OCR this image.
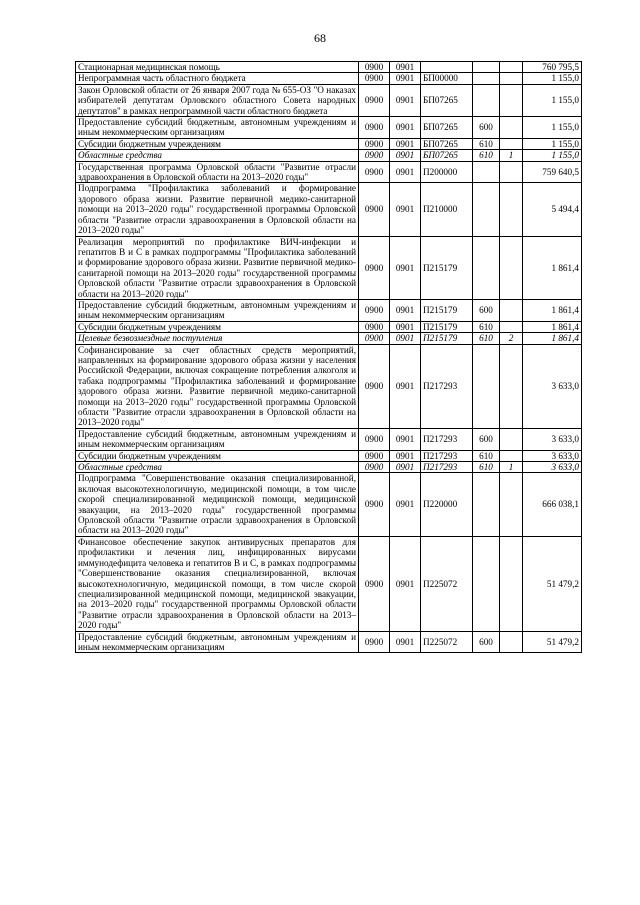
68
Стационарная медицинская помощь	0900	0901				760 795,5
Непрограммная часть областного бюджета	0900	0901	БП00000			1 155,0
Закон Орловской области от 26 января 2007 года № 655-ОЗ "О наказах избирателей депутатам Орловского областного Совета народных депутатов" в рамках непрограммной части областного бюджета	0900	0901	БП07265			1 155,0
Предоставление субсидий бюджетным, автономным учреждениям и иным некоммерческим организациям	0900	0901	БП07265	600		1 155,0
Субсидии бюджетным учреждениям	0900	0901	БП07265	610		1 155,0
Областные средства	0900	0901	БП07265	610	1	1 155,0
Государственная программа Орловской области "Развитие отрасли здравоохранения в Орловской области на 2013–2020 годы"	0900	0901	П200000			759 640,5
Подпрограмма "Профилактика заболеваний и формирование здорового образа жизни. Развитие первичной медико-санитарной помощи на 2013–2020 годы" государственной программы Орловской области "Развитие отрасли здравоохранения в Орловской области на 2013–2020 годы"	0900	0901	П210000			5 494,4
Реализация мероприятий по профилактике ВИЧ-инфекции и гепатитов В и С в рамках подпрограммы "Профилактика заболеваний и формирование здорового образа жизни. Развитие первичной медико-санитарной помощи на 2013–2020 годы" государственной программы Орловской области "Развитие отрасли здравоохранения в Орловской области на 2013–2020 годы"	0900	0901	П215179			1 861,4
Предоставление субсидий бюджетным, автономным учреждениям и иным некоммерческим организациям	0900	0901	П215179	600		1 861,4
Субсидии бюджетным учреждениям	0900	0901	П215179	610		1 861,4
Целевые безвозмездные поступления	0900	0901	П215179	610	2	1 861,4
Софинансирование за счет областных средств мероприятий, направленных на формирование здорового образа жизни у населения Российской Федерации, включая сокращение потребления алкоголя и табака подпрограммы "Профилактика заболеваний и формирование здорового образа жизни. Развитие первичной медико-санитарной помощи на 2013–2020 годы" государственной программы Орловской области "Развитие отрасли здравоохранения в Орловской области на 2013–2020 годы"	0900	0901	П217293			3 633,0
Предоставление субсидий бюджетным, автономным учреждениям и иным некоммерческим организациям	0900	0901	П217293	600		3 633,0
Субсидии бюджетным учреждениям	0900	0901	П217293	610		3 633,0
Областные средства	0900	0901	П217293	610	1	3 633,0
Подпрограмма "Совершенствование оказания специализированной, включая высокотехнологичную, медицинской помощи, в том числе скорой специализированной медицинской помощи, медицинской эвакуации, на 2013–2020 годы" государственной программы Орловской области "Развитие отрасли здравоохранения в Орловской области на 2013–2020 годы"	0900	0901	П220000			666 038,1
Финансовое обеспечение закупок антивирусных препаратов для профилактики и лечения лиц, инфицированных вирусами иммунодефицита человека и гепатитов В и С, в рамках подпрограммы "Совершенствование оказания специализированной, включая высокотехнологичную, медицинской помощи, в том числе скорой специализированной медицинской помощи, медицинской эвакуации, на 2013–2020 годы" государственной программы Орловской области "Развитие отрасли здравоохранения в Орловской области на 2013–2020 годы"	0900	0901	П225072			51 479,2
Предоставление субсидий бюджетным, автономным учреждениям и иным некоммерческим организациям	0900	0901	П225072	600		51 479,2
